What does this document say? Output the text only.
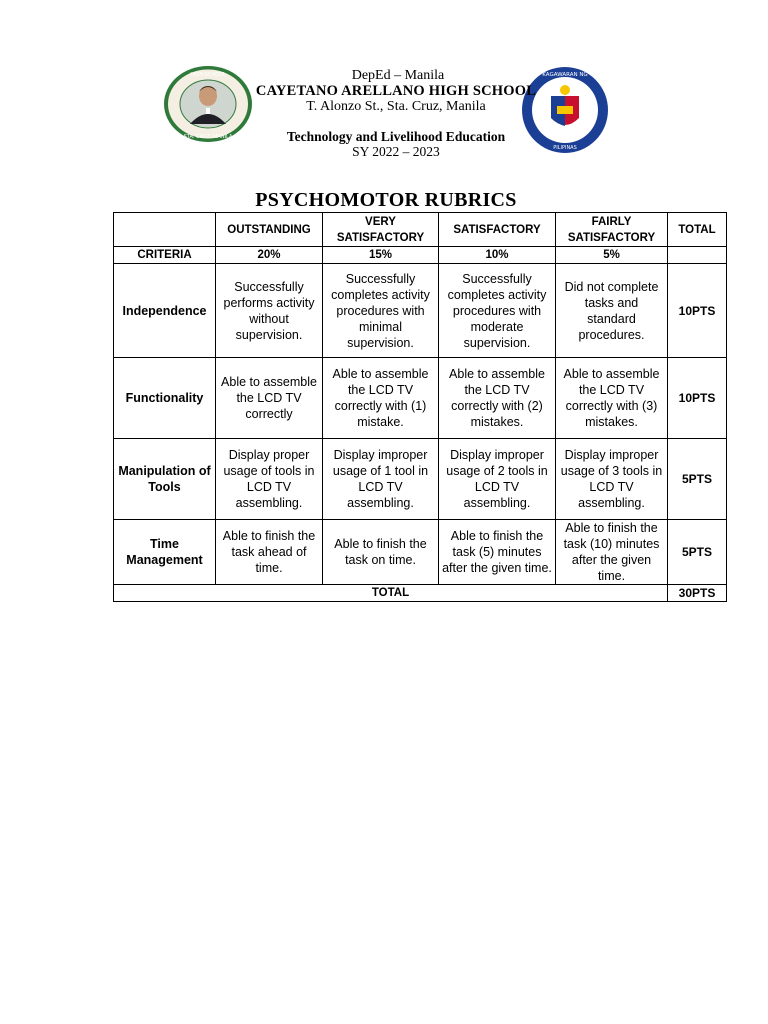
HIGH SCHOOL
STA. CRUZ, MANILA
KAGAWARAN NG
PILIPINAS
DepEd – Manila
CAYETANO ARELLANO HIGH SCHOOL
T. Alonzo St., Sta. Cruz, Manila
Technology and Livelihood Education
SY 2022 – 2023
PSYCHOMOTOR RUBRICS
	OUTSTANDING	VERY SATISFACTORY	SATISFACTORY	FAIRLY SATISFACTORY	TOTAL
CRITERIA	20%	15%	10%	5%	
Independence	Successfully performs activity without supervision.	Successfully completes activity procedures with minimal supervision.	Successfully completes activity procedures with moderate supervision.	Did not complete tasks and standard procedures.	10PTS
Functionality	Able to assemble the LCD TV correctly	Able to assemble the LCD TV correctly with (1) mistake.	Able to assemble the LCD TV correctly with (2) mistakes.	Able to assemble the LCD TV correctly with (3) mistakes.	10PTS
Manipulation of Tools	Display proper usage of tools in LCD TV assembling.	Display improper usage of 1 tool in LCD TV assembling.	Display improper usage of 2 tools in LCD TV assembling.	Display improper usage of 3 tools in LCD TV assembling.	5PTS
Time Management	Able to finish the task ahead of time.	Able to finish the task on time.	Able to finish the task (5) minutes after the given time.	Able to finish the task (10) minutes after the given time.	5PTS
TOTAL					30PTS
